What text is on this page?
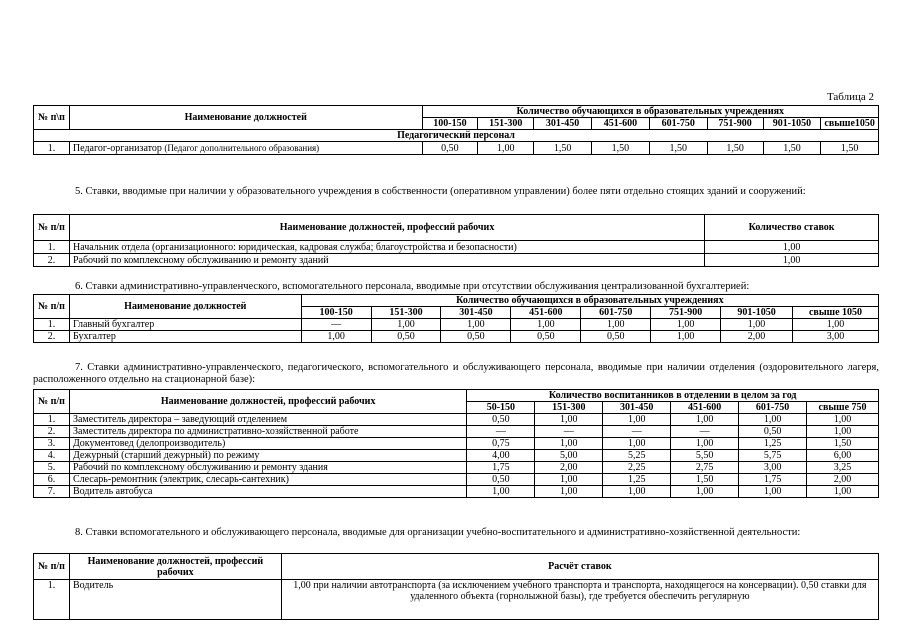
Таблица 2
№ п\п	Наименование должностей	Количество обучающихся в образовательных учреждениях							
		100-150	151-300	301-450	451-600	601-750	751-900	901-1050	свыше1050
Педагогический персонал									
1.	Педагог-организатор (Педагог дополнительного образования)	0,50	1,00	1,50	1,50	1,50	1,50	1,50	1,50
5. Ставки, вводимые при наличии у образовательного учреждения в собственности (оперативном управлении) более пяти отдельно стоящих зданий и сооружений:
№ п/п	Наименование должностей, профессий рабочих	Количество ставок
1.	Начальник отдела (организационного: юридическая, кадровая служба; благоустройства и безопасности)	1,00
2.	Рабочий по комплексному обслуживанию и ремонту зданий	1,00
6. Ставки административно-управленческого, вспомогательного персонала, вводимые при отсутствии обслуживания централизованной бухгалтерией:
№ п/п	Наименование должностей	Количество обучающихся в образовательных учреждениях							
		100-150	151-300	301-450	451-600	601-750	751-900	901-1050	свыше 1050
1.	Главный бухгалтер	—	1,00	1,00	1,00	1,00	1,00	1,00	1,00
2.	Бухгалтер	1,00	0,50	0,50	0,50	0,50	1,00	2,00	3,00
7. Ставки административно-управленческого, педагогического, вспомогательного и обслуживающего персонала, вводимые при наличии отделения (оздоровительного лагеря, расположенного отдельно на стационарной базе):
№ п/п	Наименование должностей, профессий рабочих	Количество воспитанников в отделении в целом за год					
		50-150	151-300	301-450	451-600	601-750	свыше 750
1.	Заместитель директора – заведующий отделением	0,50	1,00	1,00	1,00	1,00	1,00
2.	Заместитель директора по административно-хозяйственной работе	—	—	—	—	0,50	1,00
3.	Документовед (делопроизводитель)	0,75	1,00	1,00	1,00	1,25	1,50
4.	Дежурный (старший дежурный) по режиму	4,00	5,00	5,25	5,50	5,75	6,00
5.	Рабочий по комплексному обслуживанию и ремонту здания	1,75	2,00	2,25	2,75	3,00	3,25
6.	Слесарь-ремонтник (электрик, слесарь-сантехник)	0,50	1,00	1,25	1,50	1,75	2,00
7.	Водитель автобуса	1,00	1,00	1,00	1,00	1,00	1,00
8. Ставки вспомогательного и обслуживающего персонала, вводимые для организации учебно-воспитательного и административно-хозяйственной деятельности:
№ п/п	Наименование должностей, профессий рабочих	Расчёт ставок
1.	Водитель	1,00 при наличии автотранспорта (за исключением учебного транспорта и транспорта, находящегося на консервации). 0,50 ставки для удаленного объекта (горнолыжной базы), где требуется обеспечить регулярную
